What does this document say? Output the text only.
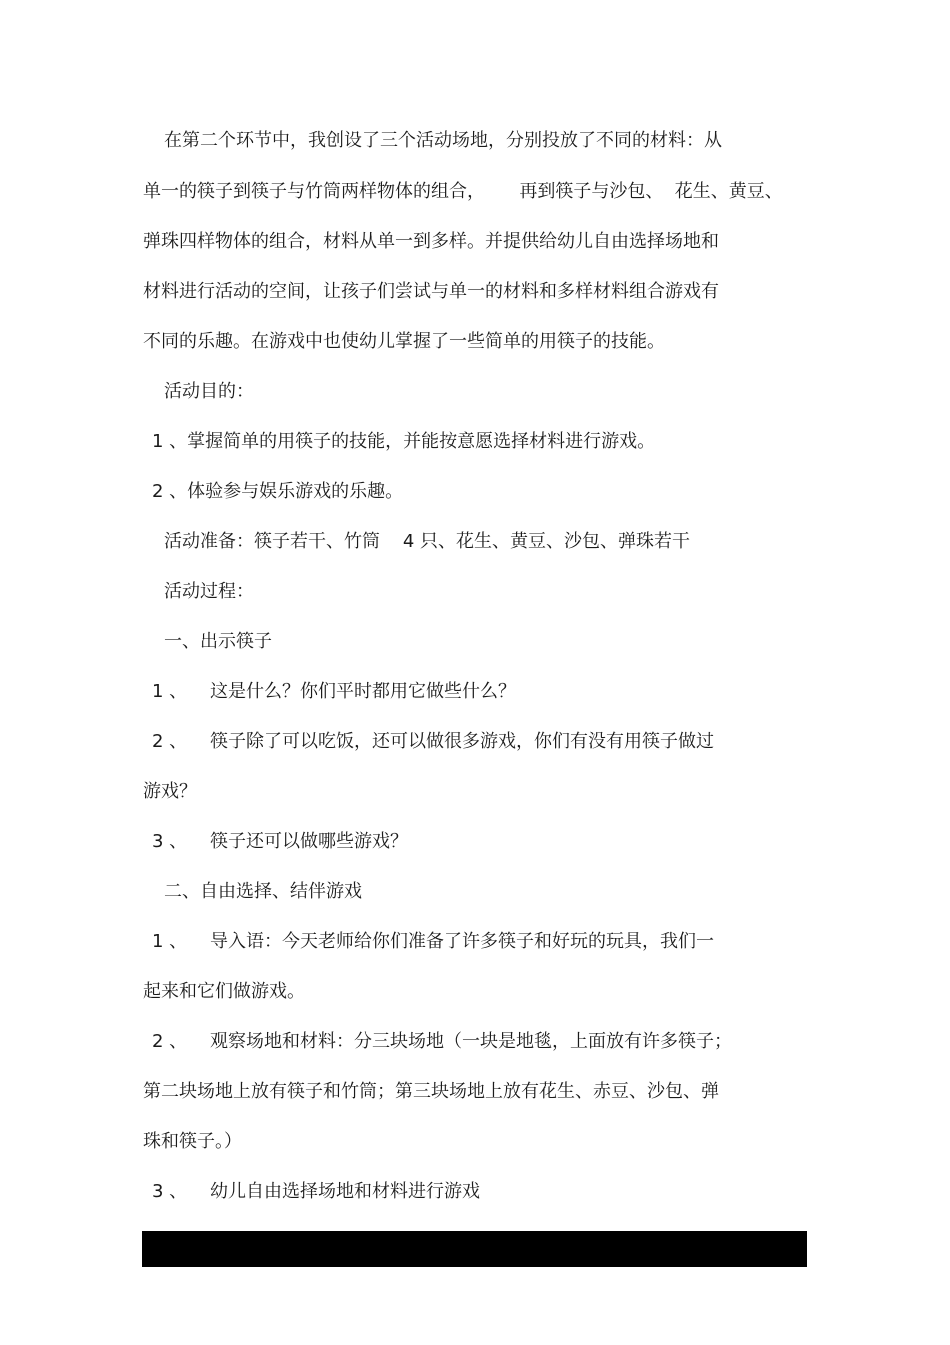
在第二个环节中，我创设了三个活动场地，分别投放了不同的材料：从
单一的筷子到筷子与竹筒两样物体的组合，      再到筷子与沙包、  花生、黄豆、
弹珠四样物体的组合，材料从单一到多样。并提供给幼儿自由选择场地和
材料进行活动的空间，让孩子们尝试与单一的材料和多样材料组合游戏有
不同的乐趣。在游戏中也使幼儿掌握了一些简单的用筷子的技能。
活动目的：
1 、掌握简单的用筷子的技能，并能按意愿选择材料进行游戏。
2 、体验参与娱乐游戏的乐趣。
活动准备：筷子若干、竹筒    4 只、花生、黄豆、沙包、弹珠若干
活动过程：
一、出示筷子
1 、    这是什么？你们平时都用它做些什么？
2 、    筷子除了可以吃饭，还可以做很多游戏，你们有没有用筷子做过
游戏？
3 、    筷子还可以做哪些游戏？
二、自由选择、结伴游戏
1 、    导入语：今天老师给你们准备了许多筷子和好玩的玩具，我们一
起来和它们做游戏。
2 、    观察场地和材料：分三块场地（一块是地毯，上面放有许多筷子；
第二块场地上放有筷子和竹筒；第三块场地上放有花生、赤豆、沙包、弹
珠和筷子。）
3 、    幼儿自由选择场地和材料进行游戏
